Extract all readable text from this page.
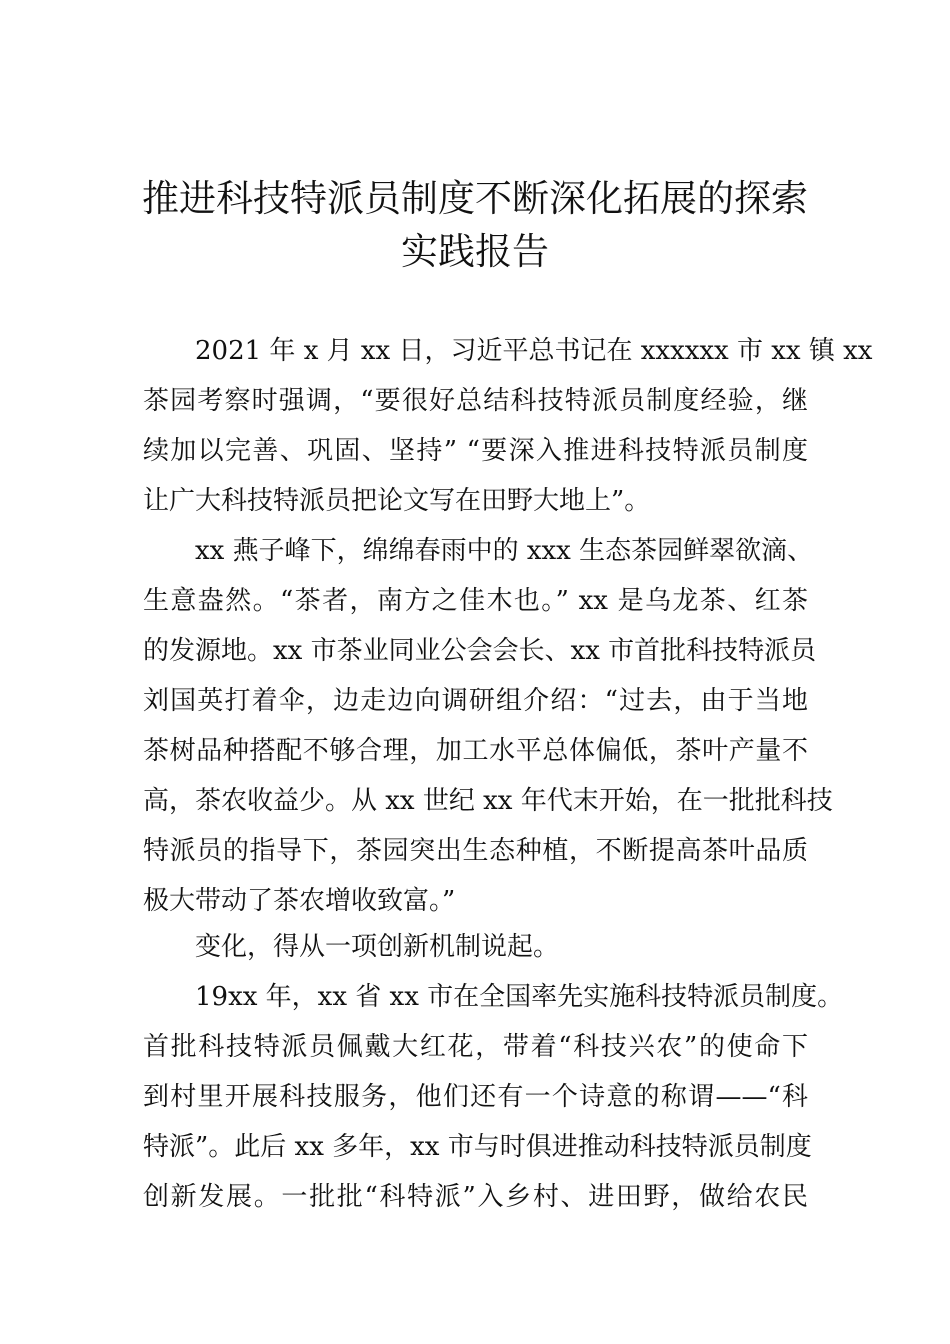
推进科技特派员制度不断深化拓展的探索
实践报告
2021 年 x 月 xx 日，习近平总书记在 xxxxxx 市 xx 镇 xx
茶园考察时强调，“要很好总结科技特派员制度经验，继
续加以完善、巩固、坚持” “要深入推进科技特派员制度
让广大科技特派员把论文写在田野大地上”。
xx 燕子峰下，绵绵春雨中的 xxx 生态茶园鲜翠欲滴、
生意盎然。“茶者，南方之佳木也。” xx 是乌龙茶、红茶
的发源地。xx 市茶业同业公会会长、xx 市首批科技特派员
刘国英打着伞，边走边向调研组介绍：“过去，由于当地
茶树品种搭配不够合理，加工水平总体偏低，茶叶产量不
高，茶农收益少。从 xx 世纪 xx 年代末开始，在一批批科技
特派员的指导下，茶园突出生态种植，不断提高茶叶品质
极大带动了茶农增收致富。”
变化，得从一项创新机制说起。
19xx 年，xx 省 xx 市在全国率先实施科技特派员制度。
首批科技特派员佩戴大红花，带着“科技兴农”的使命下
到村里开展科技服务，他们还有一个诗意的称谓——“科
特派”。此后 xx 多年，xx 市与时俱进推动科技特派员制度
创新发展。一批批“科特派”入乡村、进田野，做给农民
